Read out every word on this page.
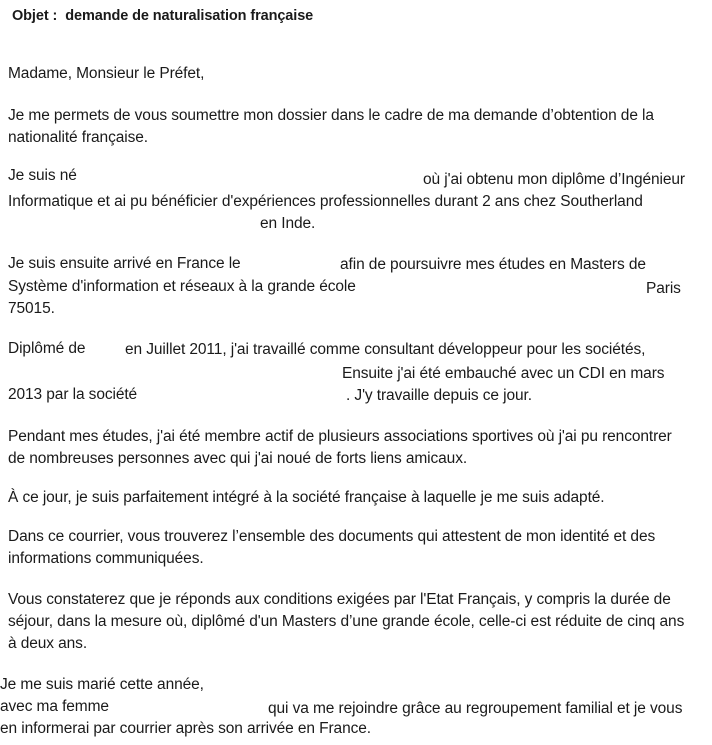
Objet : demande de naturalisation française
Madame, Monsieur le Préfet,
Je me permets de vous soumettre mon dossier dans le cadre de ma demande d’obtention de la
nationalité française.
Je suis né	où j'ai obtenu mon diplôme d’Ingénieur
Informatique et ai pu bénéficier d'expériences professionnelles durant 2 ans chez Southerland
en Inde.
Je suis ensuite arrivé en France le	afin de poursuivre mes études en Masters de
Système d'information et réseaux à la grande école	Paris
75015.
Diplômé de	en Juillet 2011, j'ai travaillé comme consultant développeur pour les sociétés,
Ensuite j'ai été embauché avec un CDI en mars
2013 par la société	. J'y travaille depuis ce jour.
Pendant mes études, j'ai été membre actif de plusieurs associations sportives où j'ai pu rencontrer
de nombreuses personnes avec qui j'ai noué de forts liens amicaux.
À ce jour, je suis parfaitement intégré à la société française à laquelle je me suis adapté.
Dans ce courrier, vous trouverez l’ensemble des documents qui attestent de mon identité et des
informations communiquées.
Vous constaterez que je réponds aux conditions exigées par l'Etat Français, y compris la durée de
séjour, dans la mesure où, diplômé d'un Masters d’une grande école, celle-ci est réduite de cinq ans
à deux ans.
Je me suis marié cette année,
avec ma femme	qui va me rejoindre grâce au regroupement familial et je vous
en informerai par courrier après son arrivée en France.
